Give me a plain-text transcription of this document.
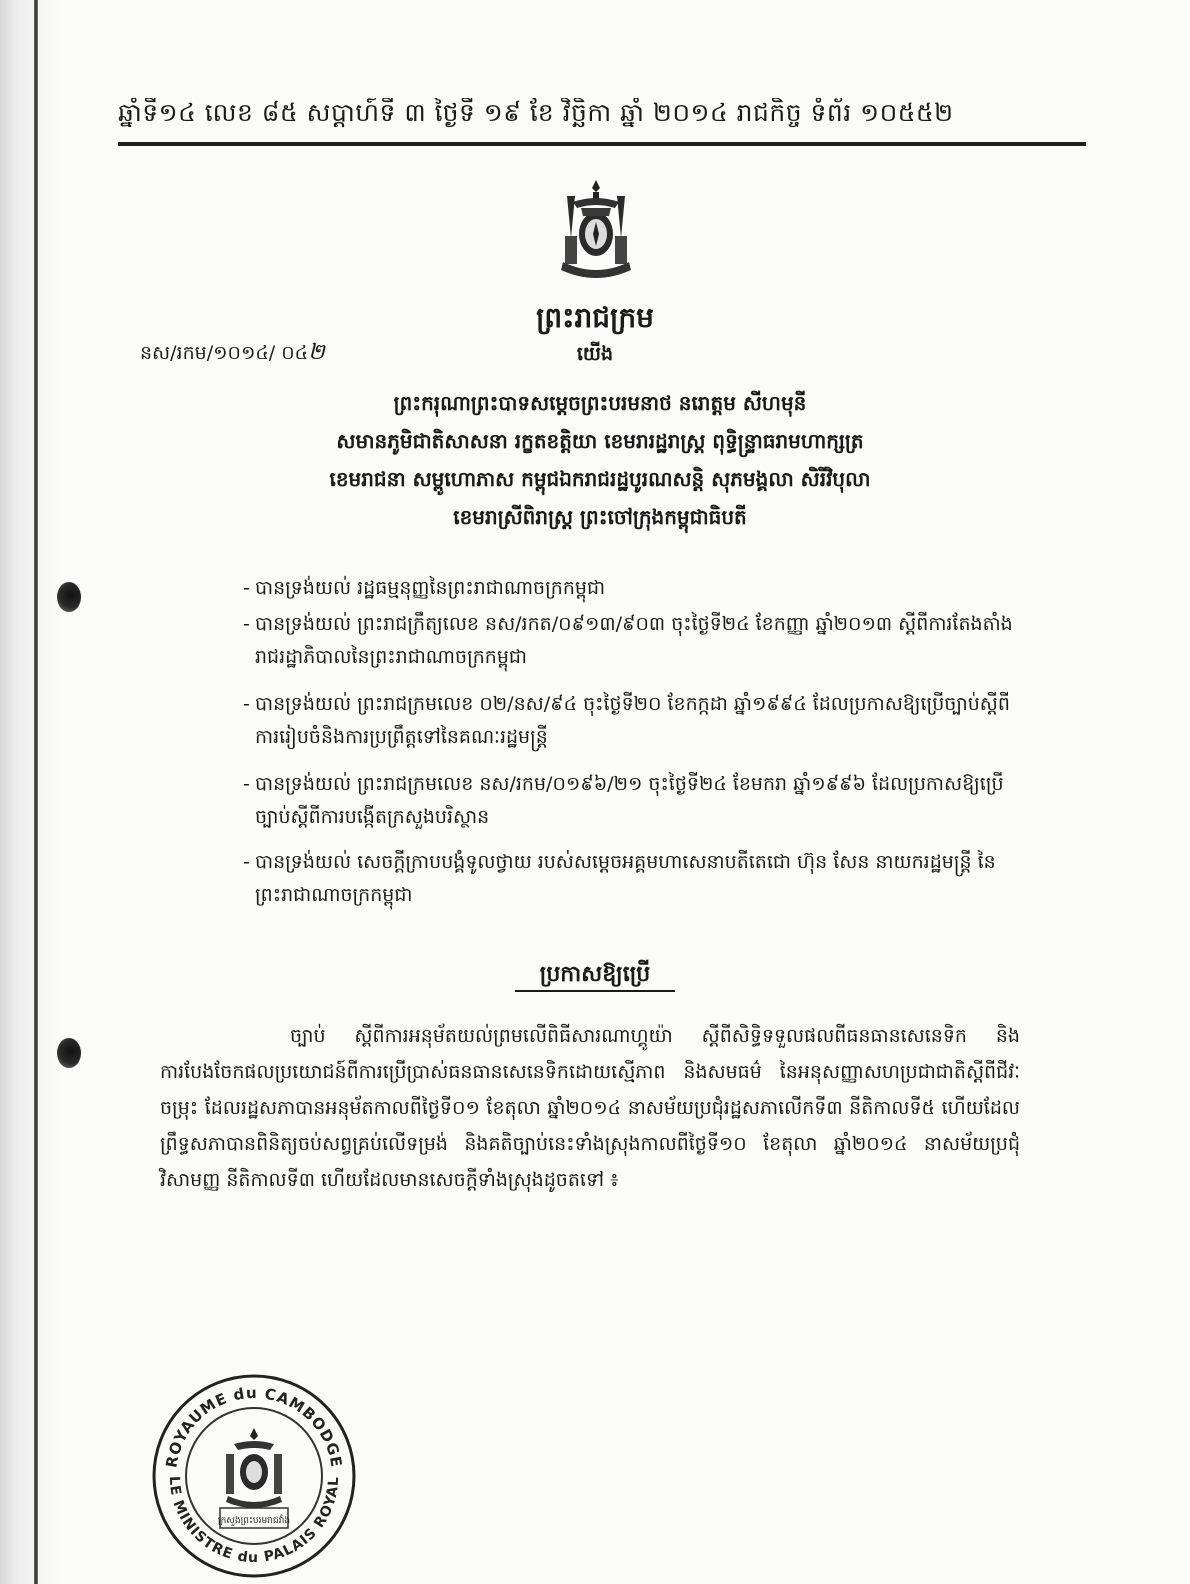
ឆ្នាំទី១៤ លេខ ៨៥ សប្តាហ៍ទី ៣ ថ្ងៃទី ១៩ ខែ វិច្ឆិកា ឆ្នាំ ២០១៤ រាជកិច្ច ទំព័រ ១០៥៥២
ព្រះរាជក្រម
នស/រកម/១០១៤/ ០៤២	យើង
ព្រះករុណាព្រះបាទសម្តេចព្រះបរមនាថ នរោត្តម សីហមុនី
សមានភូមិជាតិសាសនា រក្ខតខត្តិយា ខេមរារដ្ឋរាស្ត្រ ពុទ្ធិន្ទ្រាធរាមហាក្សត្រ
ខេមរាជនា សម្ពូហោភាស កម្ពុជឯករាជរដ្ឋបូរណសន្តិ សុភមង្គលា សិរីវិបុលា
ខេមរាស្រីពិរាស្ត្រ ព្រះចៅក្រុងកម្ពុជាធិបតី
- បានទ្រង់យល់ រដ្ឋធម្មនុញ្ញនៃព្រះរាជាណាចក្រកម្ពុជា
- បានទ្រង់យល់ ព្រះរាជក្រឹត្យលេខ នស/រកត/០៩១៣/៩០៣ ចុះថ្ងៃទី២៤ ខែកញ្ញា ឆ្នាំ២០១៣ ស្តីពីការតែងតាំងរាជរដ្ឋាភិបាលនៃព្រះរាជាណាចក្រកម្ពុជា
- បានទ្រង់យល់ ព្រះរាជក្រមលេខ ០២/នស/៩៤ ចុះថ្ងៃទី២០ ខែកក្កដា ឆ្នាំ១៩៩៤ ដែលប្រកាសឱ្យប្រើច្បាប់ស្តីពីការរៀបចំនិងការប្រព្រឹត្តទៅនៃគណៈរដ្ឋមន្ត្រី
- បានទ្រង់យល់ ព្រះរាជក្រមលេខ នស/រកម/០១៩៦/២១ ចុះថ្ងៃទី២៤ ខែមករា ឆ្នាំ១៩៩៦ ដែលប្រកាសឱ្យប្រើច្បាប់ស្តីពីការបង្កើតក្រសួងបរិស្ថាន
- បានទ្រង់យល់ សេចក្តីក្រាបបង្គំទូលថ្វាយ របស់សម្តេចអគ្គមហាសេនាបតីតេជោ ហ៊ុន សែន នាយករដ្ឋមន្ត្រី នៃព្រះរាជាណាចក្រកម្ពុជា
ប្រកាសឱ្យប្រើ
ច្បាប់ ស្តីពីការអនុម័តយល់ព្រមលើពិធីសារណាហ្គូយ៉ា ស្តីពីសិទ្ធិទទួលផលពីធនធានសេនេទិក និងការបែងចែកផលប្រយោជន៍ពីការប្រើប្រាស់ធនធានសេនេទិកដោយស្មើភាព និងសមធម៌ នៃអនុសញ្ញាសហប្រជាជាតិស្តីពីជីវៈចម្រុះ ដែលរដ្ឋសភាបានអនុម័តកាលពីថ្ងៃទី០១ ខែតុលា ឆ្នាំ២០១៤ នាសម័យប្រជុំរដ្ឋសភាលើកទី៣ នីតិកាលទី៥ ហើយដែលព្រឹទ្ធសភាបានពិនិត្យចប់សព្វគ្រប់លើទម្រង់ និងគតិច្បាប់នេះទាំងស្រុងកាលពីថ្ងៃទី១០ ខែតុលា ឆ្នាំ២០១៤ នាសម័យប្រជុំវិសាមញ្ញ នីតិកាលទី៣ ហើយដែលមានសេចក្តីទាំងស្រុងដូចតទៅ ៖
ROYAUME du CAMBODGE
LE MINISTRE du PALAIS ROYAL
ក្រសួងព្រះបរមរាជវាំង
